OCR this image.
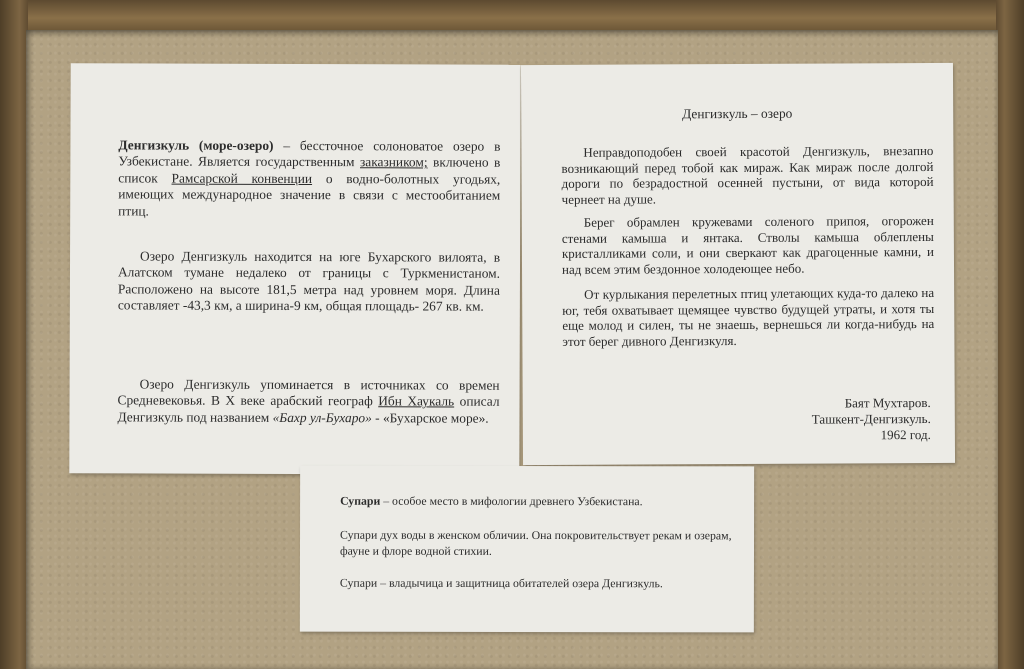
Денгизкуль (море-озеро) – бессточное солоноватое озеро в Узбекистане. Является государственным заказником; включено в список Рамсарской конвенции о водно-болотных угодьях, имеющих международное значение в связи с местообитанием птиц.

Озеро Денгизкуль находится на юге Бухарского вилоята, в Алатском тумане недалеко от границы с Туркменистаном. Расположено на высоте 181,5 метра над уровнем моря. Длина составляет -43,3 км, а ширина-9 км, общая площадь- 267 кв. км.

Озеро Денгизкуль упоминается в источниках со времен Средневековья. В X веке арабский географ Ибн Хаукаль описал Денгизкуль под названием «Бахр ул-Бухаро» - «Бухарское море».

Денгизкуль – озеро

Неправдоподобен своей красотой Денгизкуль, внезапно возникающий перед тобой как мираж. Как мираж после долгой дороги по безрадостной осенней пустыни, от вида которой чернеет на душе.

Берег обрамлен кружевами соленого припоя, огорожен стенами камыша и янтака. Стволы камыша облеплены кристалликами соли, и они сверкают как драгоценные камни, и над всем этим бездонное холодеющее небо.

От курлыкания перелетных птиц улетающих куда-то далеко на юг, тебя охватывает щемящее чувство будущей утраты, и хотя ты еще молод и силен, ты не знаешь, вернешься ли когда-нибудь на этот берег дивного Денгизкуля.

Баят Мухтаров.
Ташкент-Денгизкуль.
1962 год.

Супари – особое место в мифологии древнего Узбекистана.

Супари дух воды в женском обличии. Она покровительствует рекам и озерам, фауне и флоре водной стихии.

Супари – владычица и защитница обитателей озера Денгизкуль.
